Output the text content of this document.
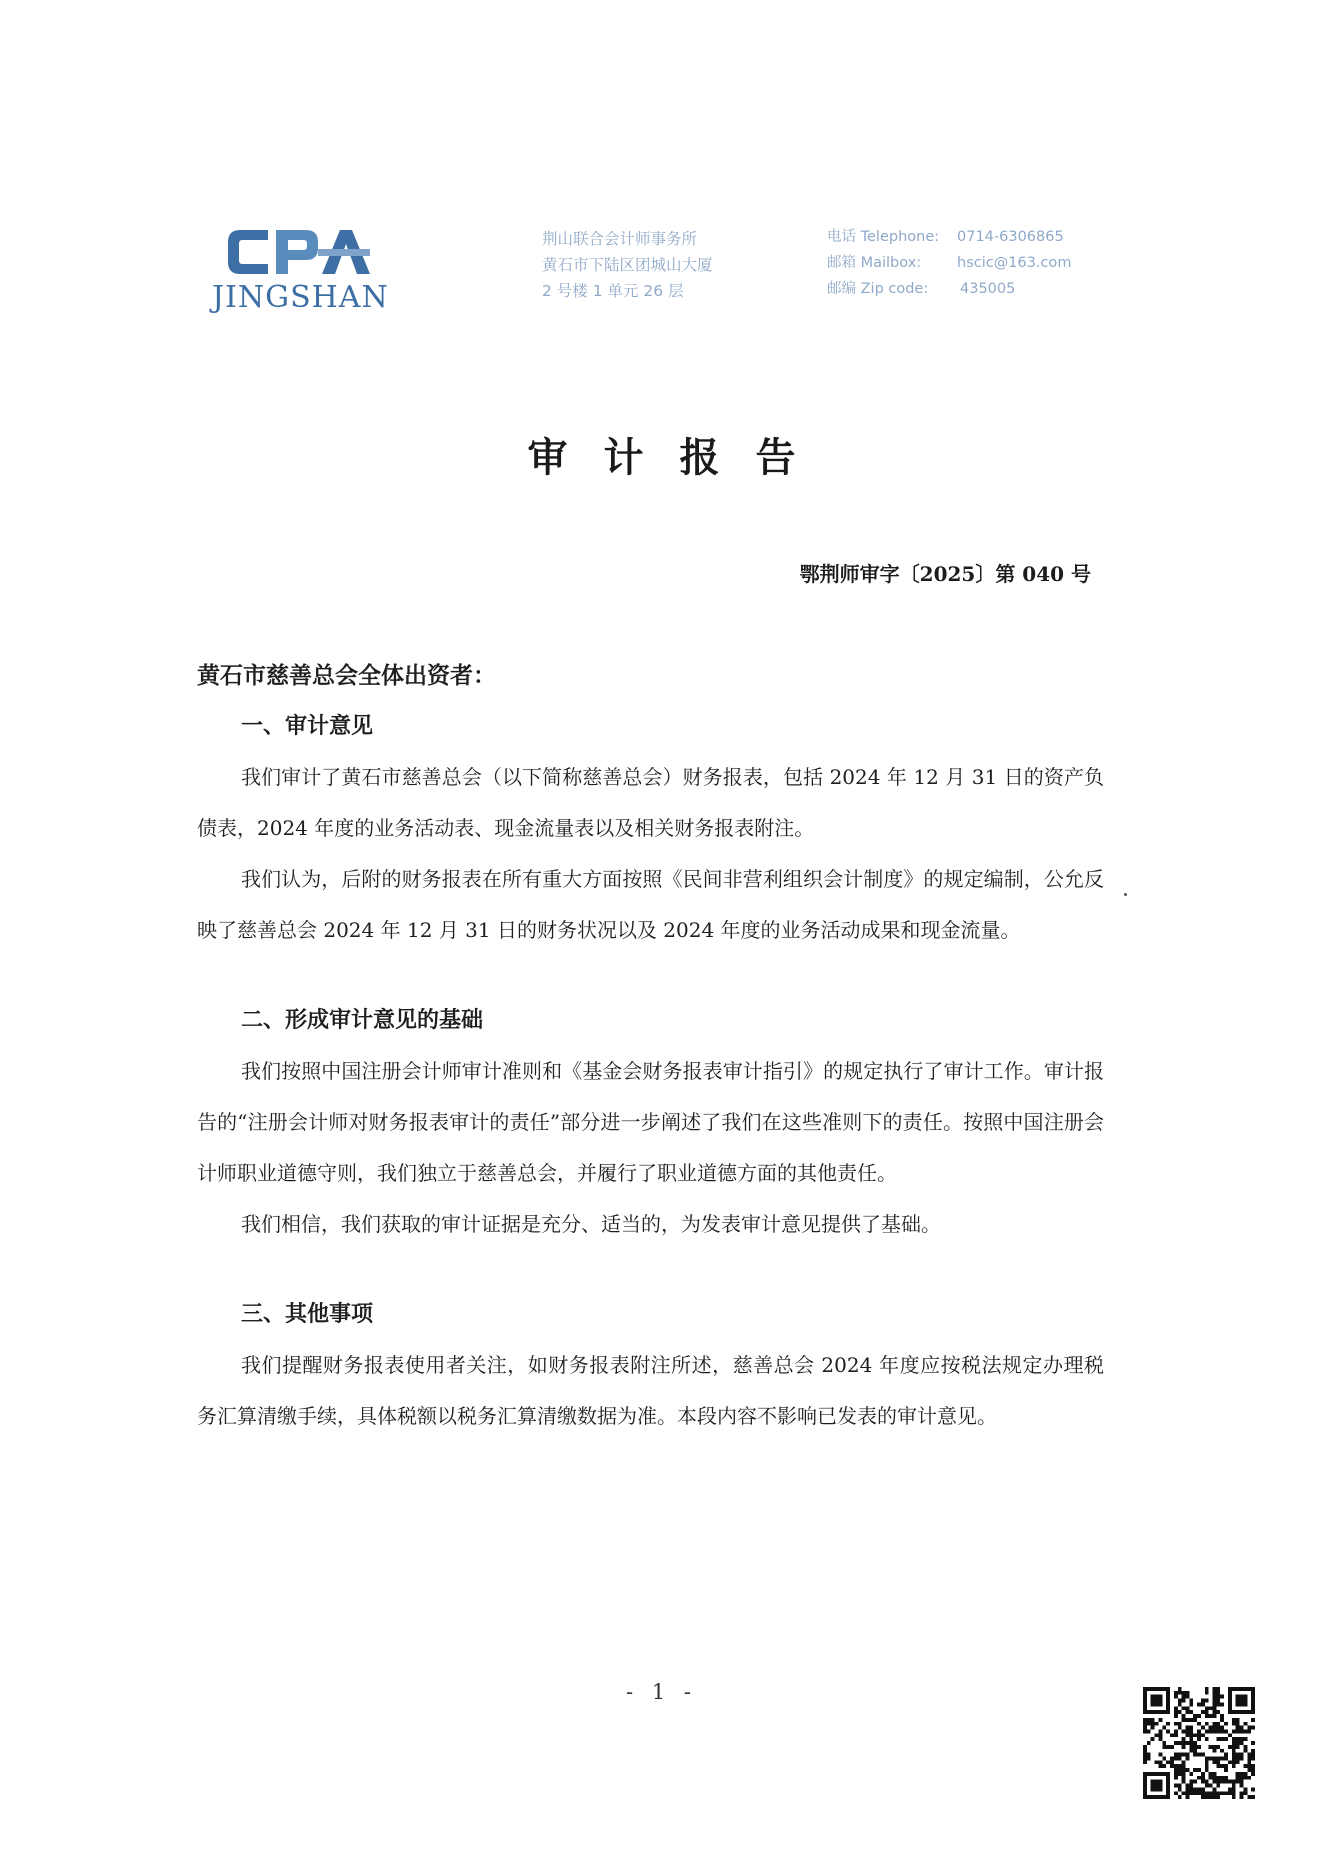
JINGSHAN
荆山联合会计师事务所
黄石市下陆区团城山大厦
2 号楼 1 单元 26 层
电话 Telephone: 0714-6306865
邮箱 Mailbox: hscic@163.com
邮编 Zip code: 435005
审计报告
鄂荆师审字〔2025〕第 040 号

黄石市慈善总会全体出资者：

一、审计意见

我们审计了黄石市慈善总会（以下简称慈善总会）财务报表，包括 2024 年 12 月 31 日的资产负债表，2024 年度的业务活动表、现金流量表以及相关财务报表附注。

我们认为，后附的财务报表在所有重大方面按照《民间非营利组织会计制度》的规定编制，公允反映了慈善总会 2024 年 12 月 31 日的财务状况以及 2024 年度的业务活动成果和现金流量。

二、形成审计意见的基础

我们按照中国注册会计师审计准则和《基金会财务报表审计指引》的规定执行了审计工作。审计报告的“注册会计师对财务报表审计的责任”部分进一步阐述了我们在这些准则下的责任。按照中国注册会计师职业道德守则，我们独立于慈善总会，并履行了职业道德方面的其他责任。

我们相信，我们获取的审计证据是充分、适当的，为发表审计意见提供了基础。

三、其他事项

我们提醒财务报表使用者关注，如财务报表附注所述，慈善总会 2024 年度应按税法规定办理税务汇算清缴手续，具体税额以税务汇算清缴数据为准。本段内容不影响已发表的审计意见。

- 1 -
